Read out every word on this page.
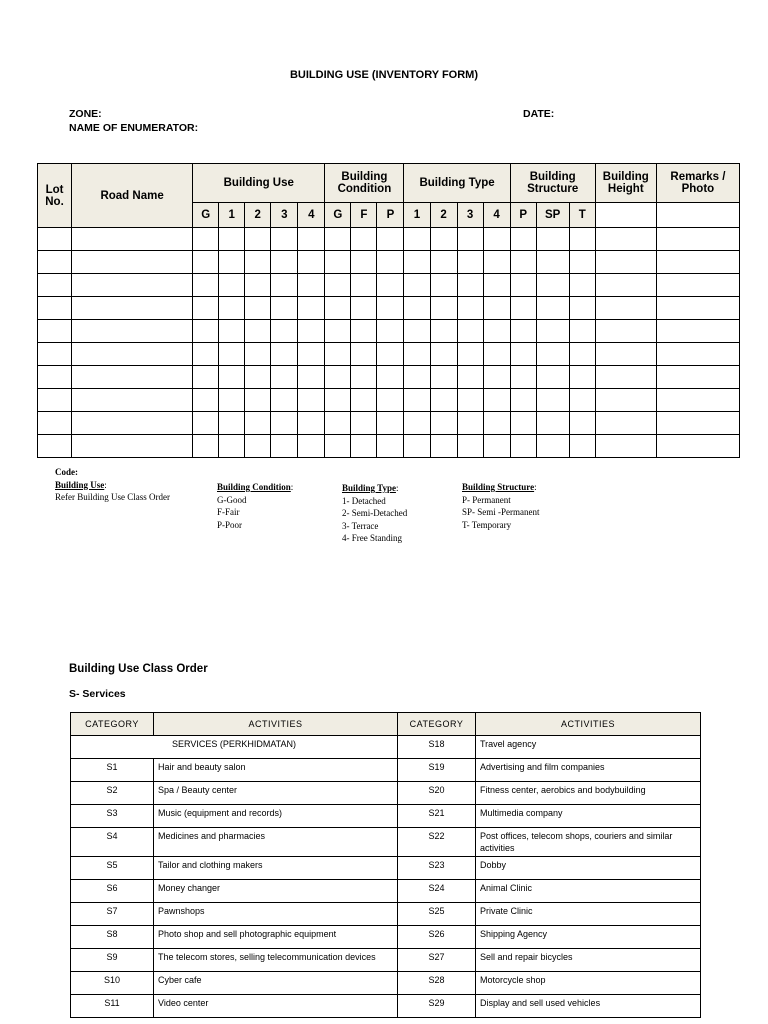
BUILDING USE (INVENTORY FORM)
ZONE:	DATE:
NAME OF ENUMERATOR:
Lot No.	Road Name	Building Use					Building Condition			Building Type				Building Structure			Building Height	Remarks / Photo
		G	1	2	3	4	G	F	P	1	2	3	4	P	SP	T		

Code:
Building Use:
Refer Building Use Class Order
Building Condition:
G-Good
F-Fair
P-Poor
Building Type:
1- Detached
2- Semi-Detached
3- Terrace
4- Free Standing
Building Structure:
P- Permanent
SP- Semi -Permanent
T- Temporary
Building Use Class Order
S- Services
CATEGORY	ACTIVITIES	CATEGORY	ACTIVITIES
SERVICES (PERKHIDMATAN)		S18	Travel agency
S1	Hair and beauty salon	S19	Advertising and film companies
S2	Spa / Beauty center	S20	Fitness center, aerobics and bodybuilding
S3	Music (equipment and records)	S21	Multimedia company
S4	Medicines and pharmacies	S22	Post offices, telecom shops, couriers and similar activities
S5	Tailor and clothing makers	S23	Dobby
S6	Money changer	S24	Animal Clinic
S7	Pawnshops	S25	Private Clinic
S8	Photo shop and sell photographic equipment	S26	Shipping Agency
S9	The telecom stores, selling telecommunication devices	S27	Sell and repair bicycles
S10	Cyber cafe	S28	Motorcycle shop
S11	Video center	S29	Display and sell used vehicles
